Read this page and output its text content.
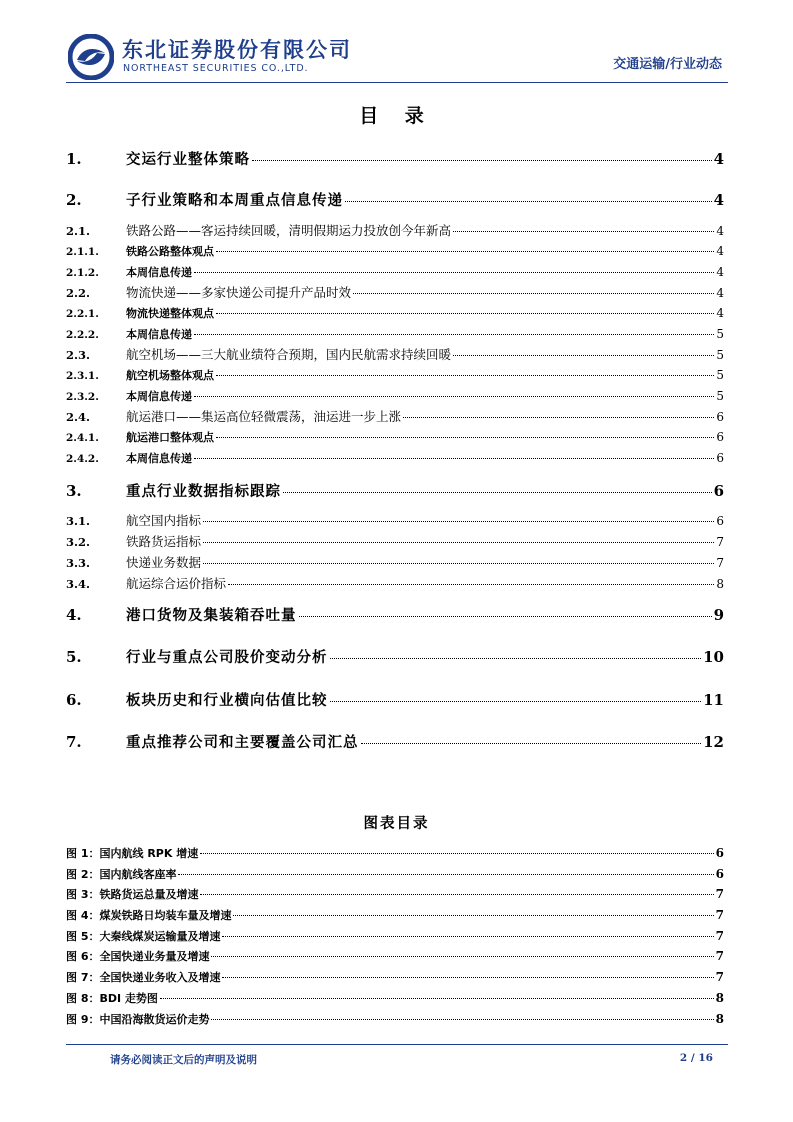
东北证券股份有限公司
NORTHEAST SECURITIES CO.,LTD.	交通运输/行业动态
目 录
1.	交运行业整体策略	4
2.	子行业策略和本周重点信息传递	4
2.1.	铁路公路——客运持续回暖，清明假期运力投放创今年新高	4
2.1.1.	铁路公路整体观点	4
2.1.2.	本周信息传递	4
2.2.	物流快递——多家快递公司提升产品时效	4
2.2.1.	物流快递整体观点	4
2.2.2.	本周信息传递	5
2.3.	航空机场——三大航业绩符合预期，国内民航需求持续回暖	5
2.3.1.	航空机场整体观点	5
2.3.2.	本周信息传递	5
2.4.	航运港口——集运高位轻微震荡，油运进一步上涨	6
2.4.1.	航运港口整体观点	6
2.4.2.	本周信息传递	6
3.	重点行业数据指标跟踪	6
3.1.	航空国内指标	6
3.2.	铁路货运指标	7
3.3.	快递业务数据	7
3.4.	航运综合运价指标	8
4.	港口货物及集装箱吞吐量	9
5.	行业与重点公司股价变动分析	10
6.	板块历史和行业横向估值比较	11
7.	重点推荐公司和主要覆盖公司汇总	12
图表目录
图 1：国内航线 RPK 增速	6
图 2：国内航线客座率	6
图 3：铁路货运总量及增速	7
图 4：煤炭铁路日均装车量及增速	7
图 5：大秦线煤炭运输量及增速	7
图 6：全国快递业务量及增速	7
图 7：全国快递业务收入及增速	7
图 8：BDI 走势图	8
图 9：中国沿海散货运价走势	8
请务必阅读正文后的声明及说明	2 / 16
